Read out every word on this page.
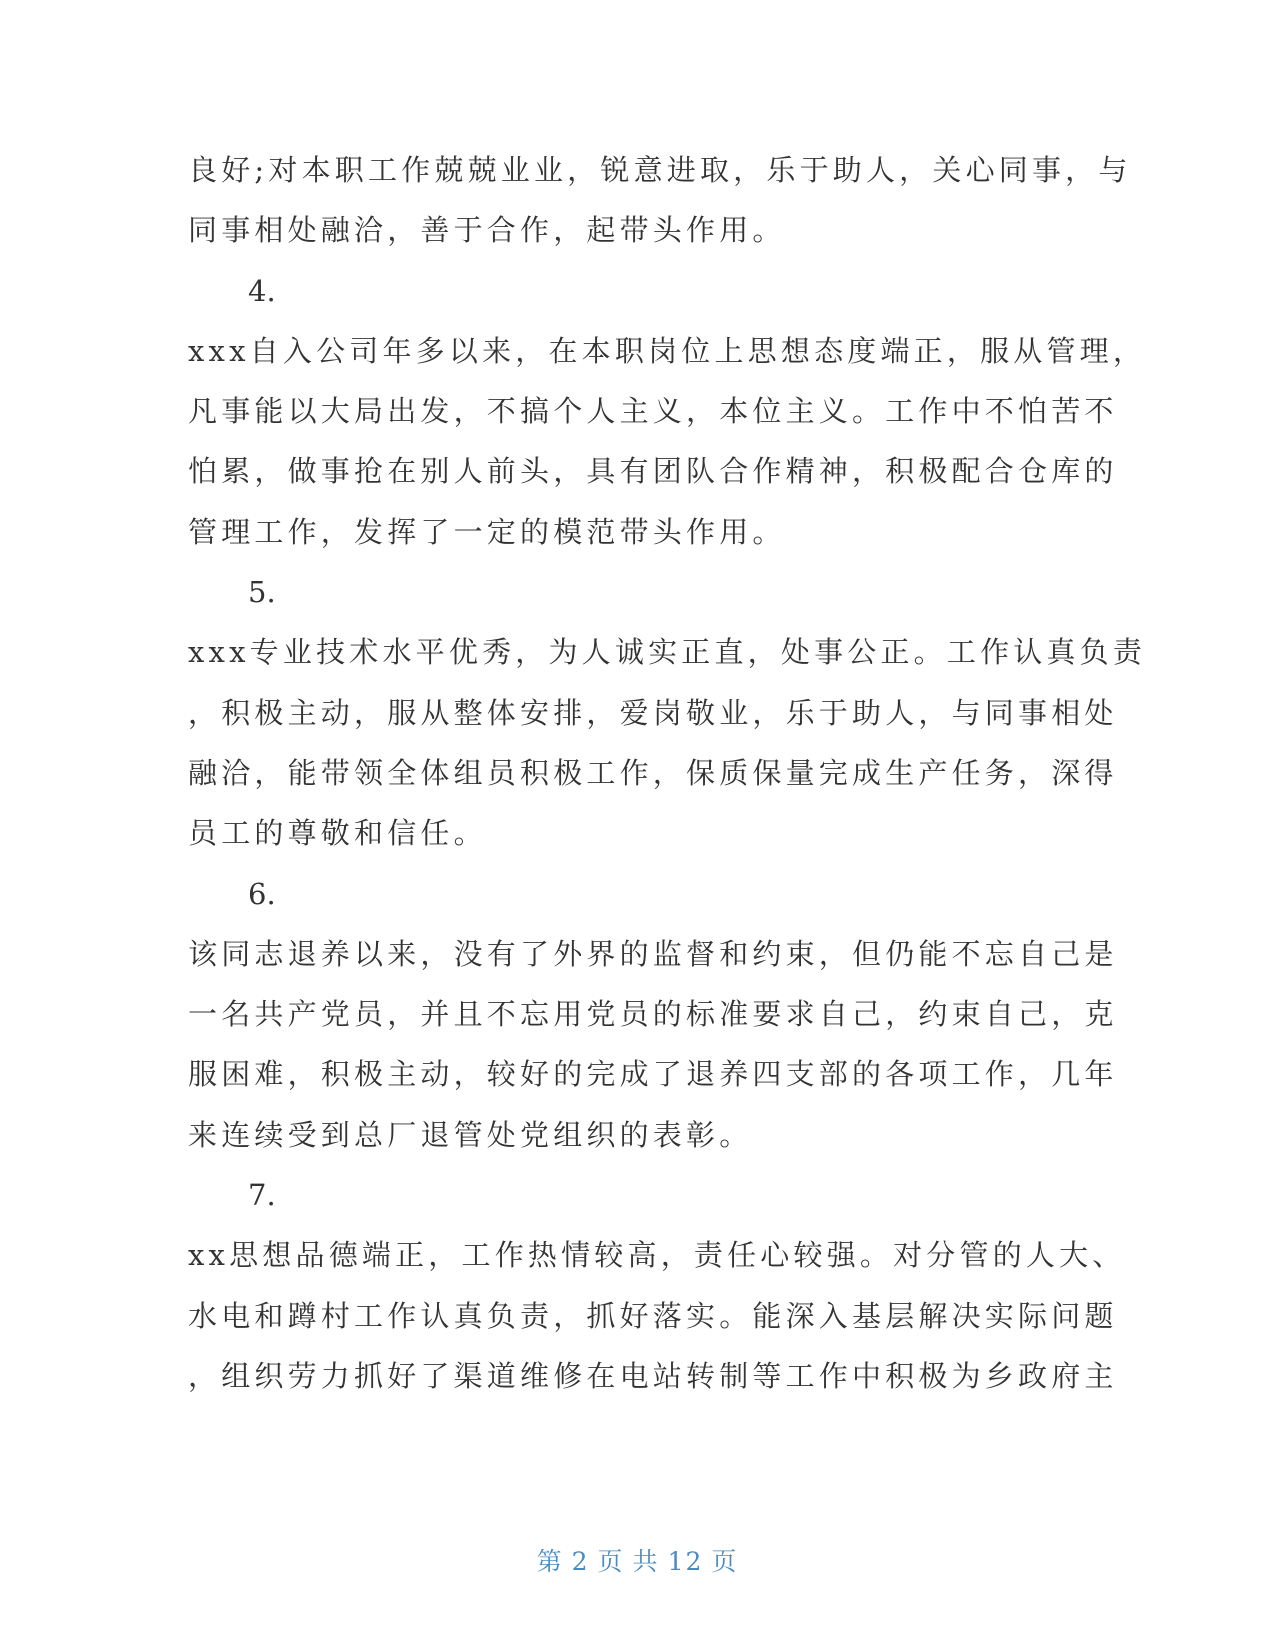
良好;对本职工作兢兢业业，锐意进取，乐于助人，关心同事，与
同事相处融洽，善于合作，起带头作用。
4.
xxx自入公司年多以来，在本职岗位上思想态度端正，服从管理，
凡事能以大局出发，不搞个人主义，本位主义。工作中不怕苦不
怕累，做事抢在别人前头，具有团队合作精神，积极配合仓库的
管理工作，发挥了一定的模范带头作用。
5.
xxx专业技术水平优秀，为人诚实正直，处事公正。工作认真负责
，积极主动，服从整体安排，爱岗敬业，乐于助人，与同事相处
融洽，能带领全体组员积极工作，保质保量完成生产任务，深得
员工的尊敬和信任。
6.
该同志退养以来，没有了外界的监督和约束，但仍能不忘自己是
一名共产党员，并且不忘用党员的标准要求自己，约束自己，克
服困难，积极主动，较好的完成了退养四支部的各项工作，几年
来连续受到总厂退管处党组织的表彰。
7.
xx思想品德端正，工作热情较高，责任心较强。对分管的人大、
水电和蹲村工作认真负责，抓好落实。能深入基层解决实际问题
，组织劳力抓好了渠道维修在电站转制等工作中积极为乡政府主
第 2 页 共 12 页
